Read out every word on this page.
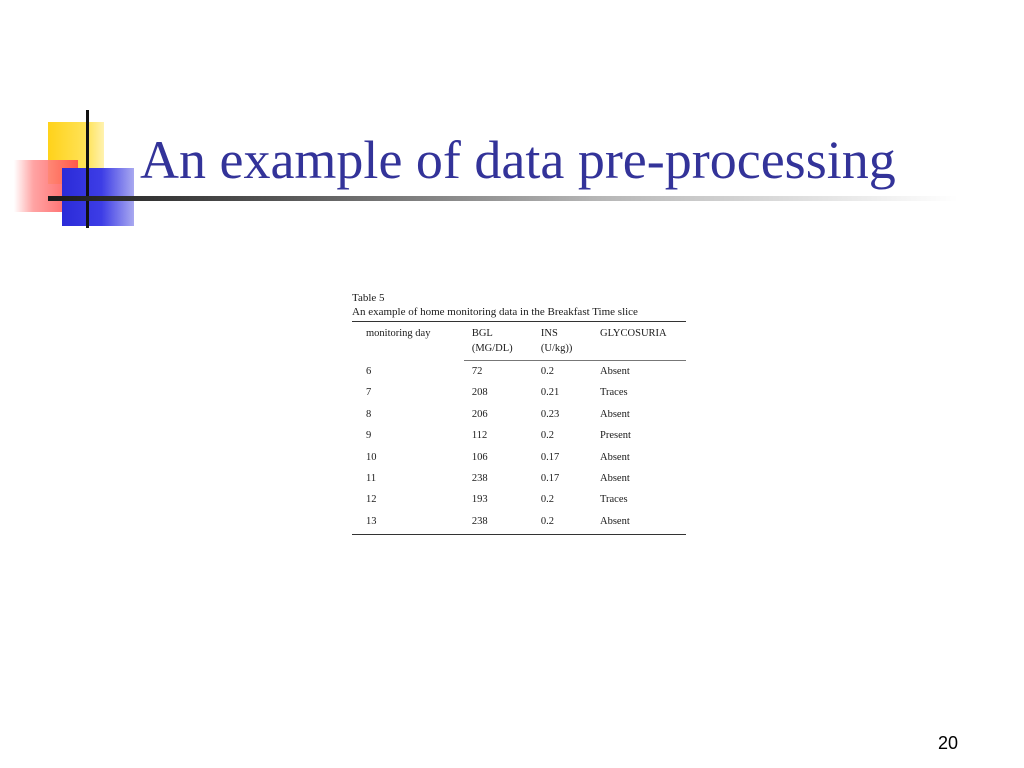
An example of data pre-processing
Table 5
An example of home monitoring data in the Breakfast Time slice
monitoring day	BGL	INS	GLYCOSURIA
	(MG/DL)	(U/kg))	

6	72	0.2	Absent
7	208	0.21	Traces
8	206	0.23	Absent
9	112	0.2	Present
10	106	0.17	Absent
11	238	0.17	Absent
12	193	0.2	Traces
13	238	0.2	Absent
20
